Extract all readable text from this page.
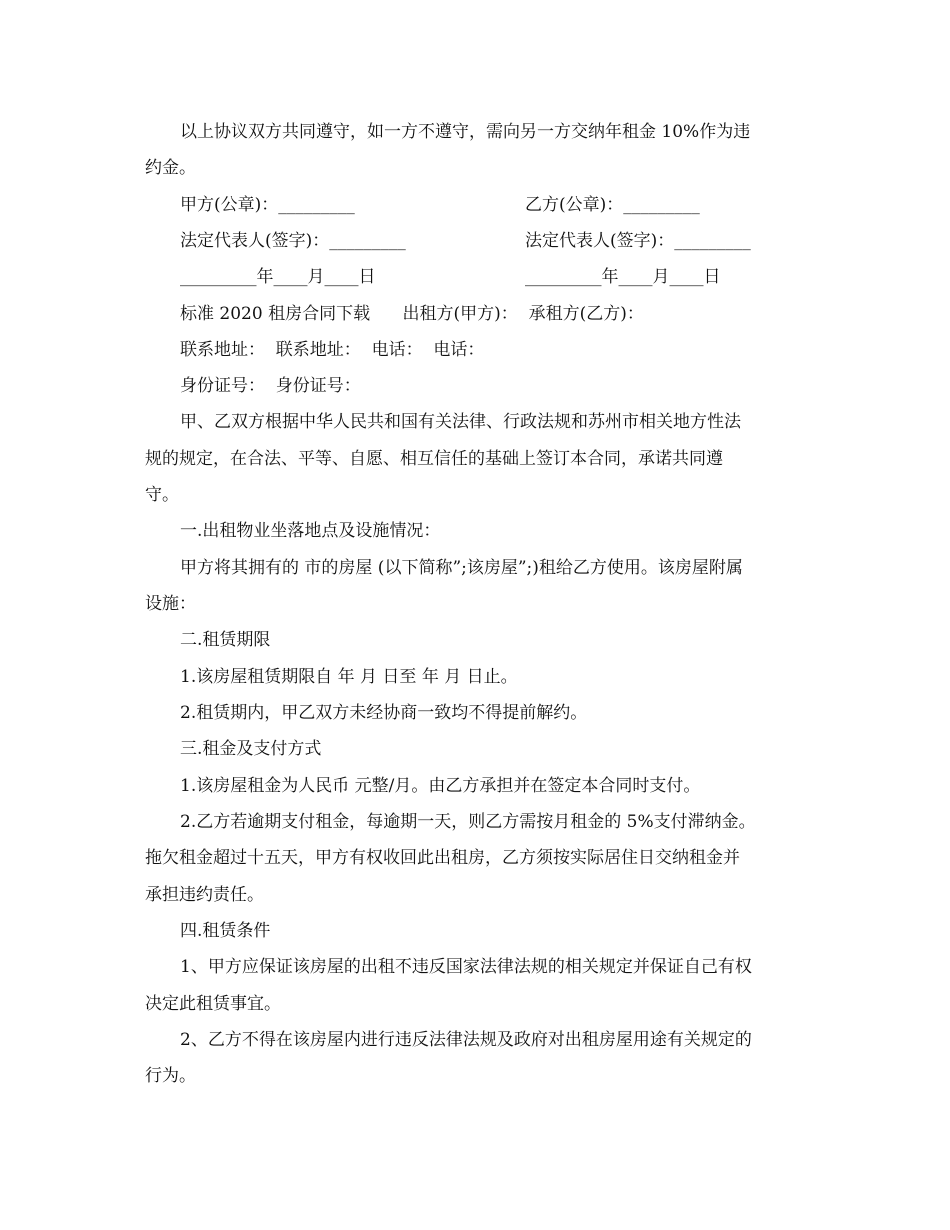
以上协议双方共同遵守，如一方不遵守，需向另一方交纳年租金 10%作为违
约金。
甲方(公章)：_________	乙方(公章)：_________
法定代表人(签字)：_________	法定代表人(签字)：_________
_________年____月____日	_________年____月____日
标准 2020 租房合同下载      出租方(甲方)：  承租方(乙方)：
联系地址：  联系地址：  电话：  电话：
身份证号：  身份证号：
甲、乙双方根据中华人民共和国有关法律、行政法规和苏州市相关地方性法
规的规定，在合法、平等、自愿、相互信任的基础上签订本合同，承诺共同遵
守。
一.出租物业坐落地点及设施情况：
甲方将其拥有的 市的房屋 (以下简称”;该房屋”;)租给乙方使用。该房屋附属
设施：
二.租赁期限
1.该房屋租赁期限自 年 月 日至 年 月 日止。
2.租赁期内，甲乙双方未经协商一致均不得提前解约。
三.租金及支付方式
1.该房屋租金为人民币 元整/月。由乙方承担并在签定本合同时支付。
2.乙方若逾期支付租金，每逾期一天，则乙方需按月租金的 5%支付滞纳金。
拖欠租金超过十五天，甲方有权收回此出租房，乙方须按实际居住日交纳租金并
承担违约责任。
四.租赁条件
1、甲方应保证该房屋的出租不违反国家法律法规的相关规定并保证自己有权
决定此租赁事宜。
2、乙方不得在该房屋内进行违反法律法规及政府对出租房屋用途有关规定的
行为。
